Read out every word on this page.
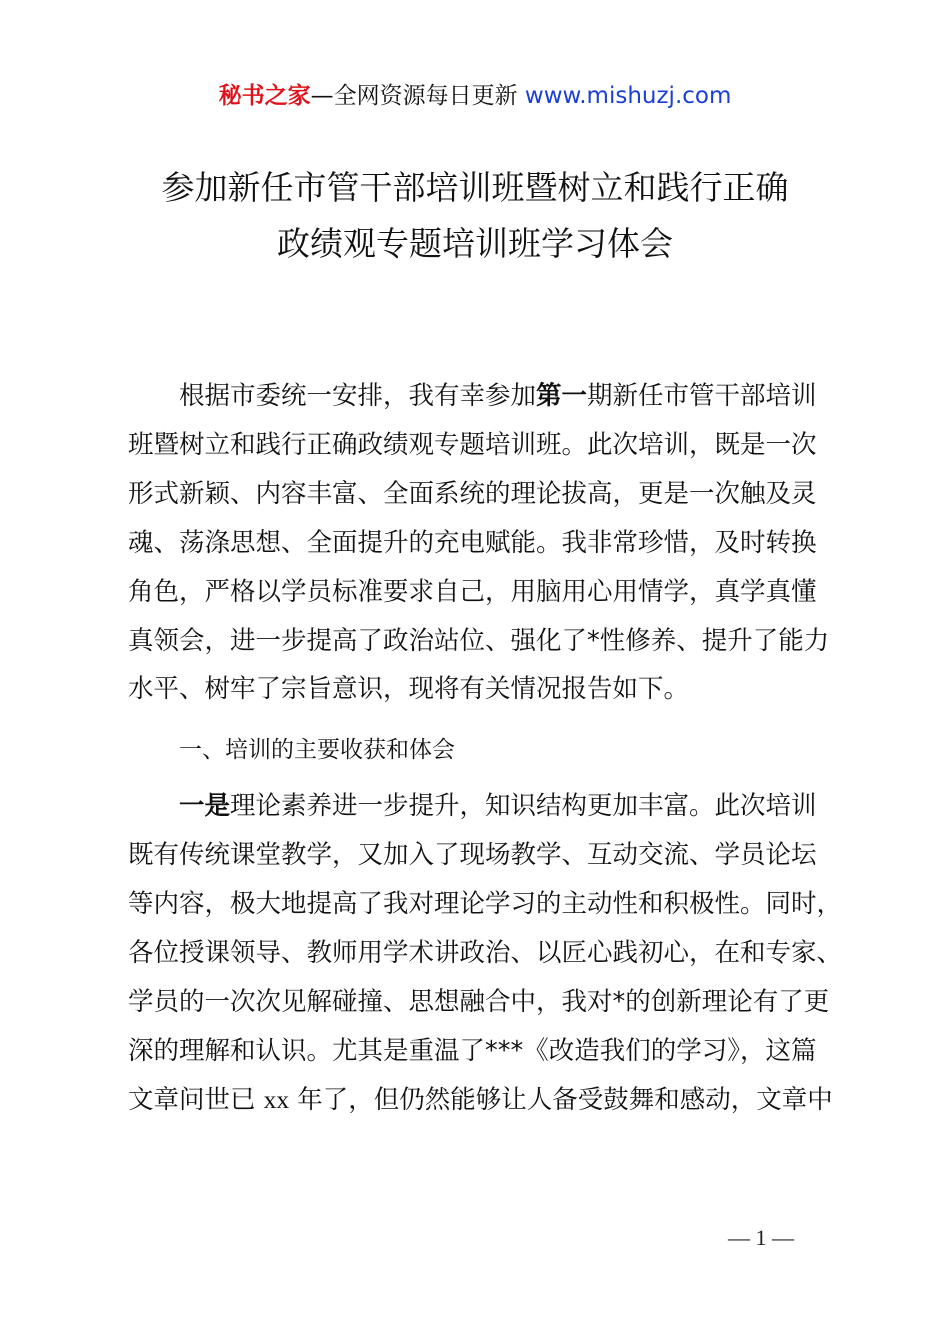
秘书之家—全网资源每日更新 www.mishuzj.com
参加新任市管干部培训班暨树立和践行正确
政绩观专题培训班学习体会
根据市委统一安排，我有幸参加第一期新任市管干部培训
班暨树立和践行正确政绩观专题培训班。此次培训，既是一次
形式新颖、内容丰富、全面系统的理论拔高，更是一次触及灵
魂、荡涤思想、全面提升的充电赋能。我非常珍惜，及时转换
角色，严格以学员标准要求自己，用脑用心用情学，真学真懂
真领会，进一步提高了政治站位、强化了*性修养、提升了能力
水平、树牢了宗旨意识，现将有关情况报告如下。
一、培训的主要收获和体会
一是理论素养进一步提升，知识结构更加丰富。此次培训
既有传统课堂教学，又加入了现场教学、互动交流、学员论坛
等内容，极大地提高了我对理论学习的主动性和积极性。同时，
各位授课领导、教师用学术讲政治、以匠心践初心，在和专家、
学员的一次次见解碰撞、思想融合中，我对*的创新理论有了更
深的理解和认识。尤其是重温了***《改造我们的学习》，这篇
文章问世已 xx 年了，但仍然能够让人备受鼓舞和感动，文章中
— 1 —
